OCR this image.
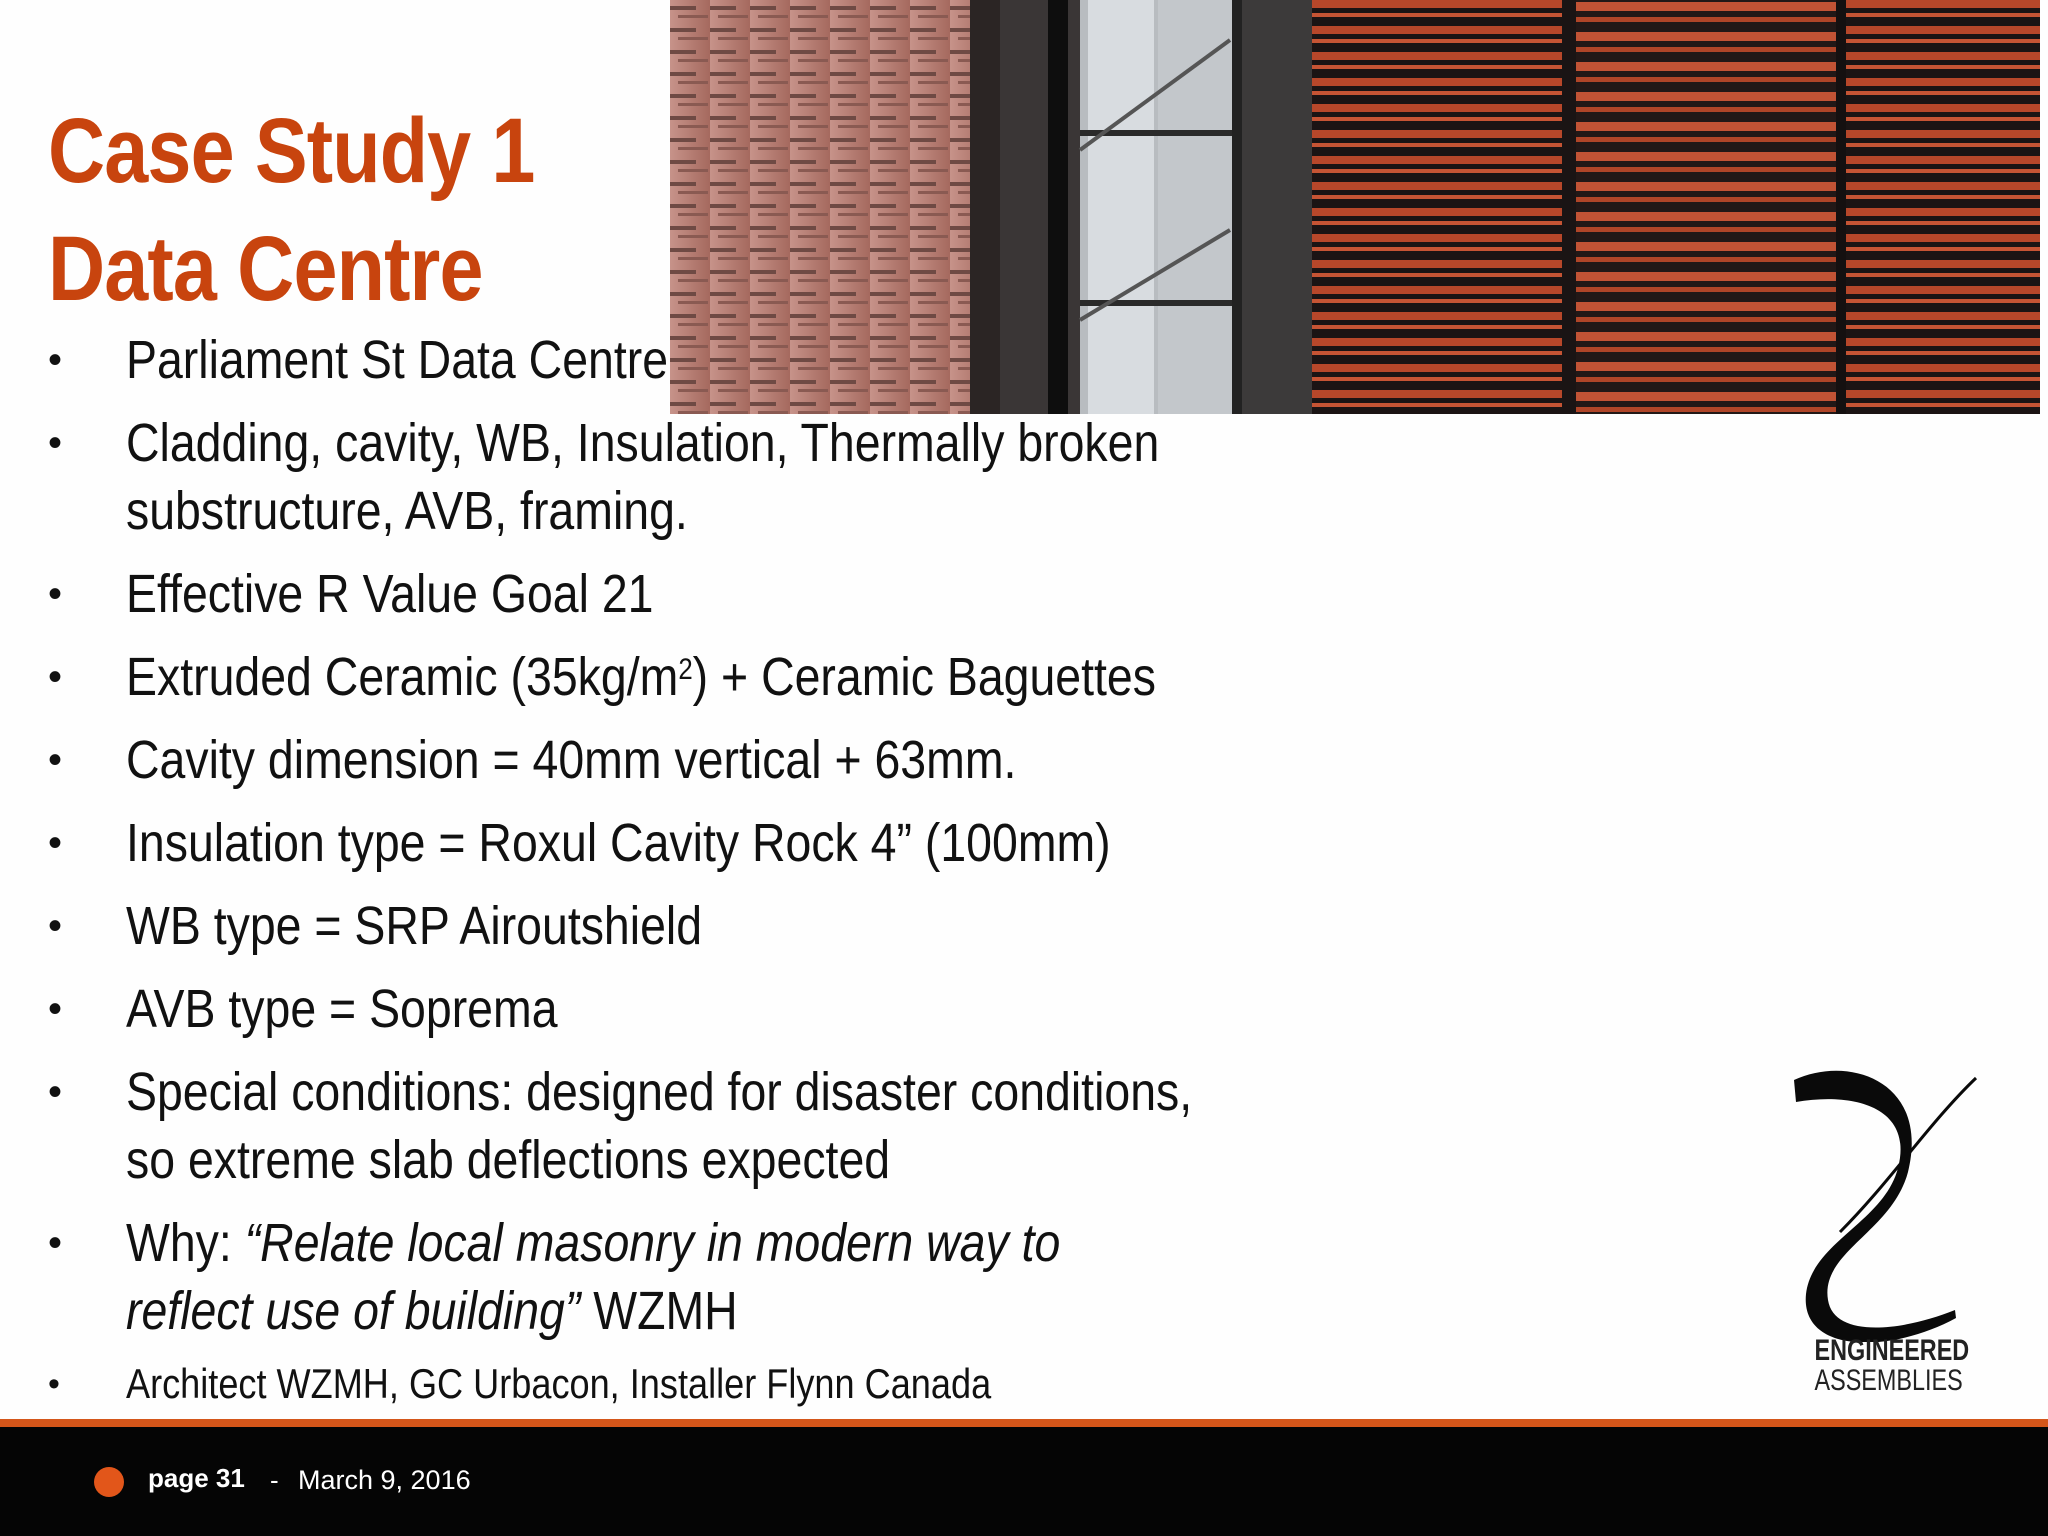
Case Study 1
Data Centre
• Parliament St Data Centre
• Cladding, cavity, WB, Insulation, Thermally broken substructure, AVB, framing.
• Effective R Value Goal 21
• Extruded Ceramic $(35kg/m^2)$ + Ceramic Baguettes
• Cavity dimension = 40mm vertical + 63mm.
• Insulation type = Roxul Cavity Rock 4” (100mm)
• WB type = SRP Airoutshield
• AVB type = Soprema
• Special conditions: designed for disaster conditions, so extreme slab deflections expected
• Why: “Relate local masonry in modern way to reflect use of building” WZMH
• Architect WZMH, GC Urbacon, Installer Flynn Canada
ENGINEERED
ASSEMBLIES
page 31 - March 9, 2016
